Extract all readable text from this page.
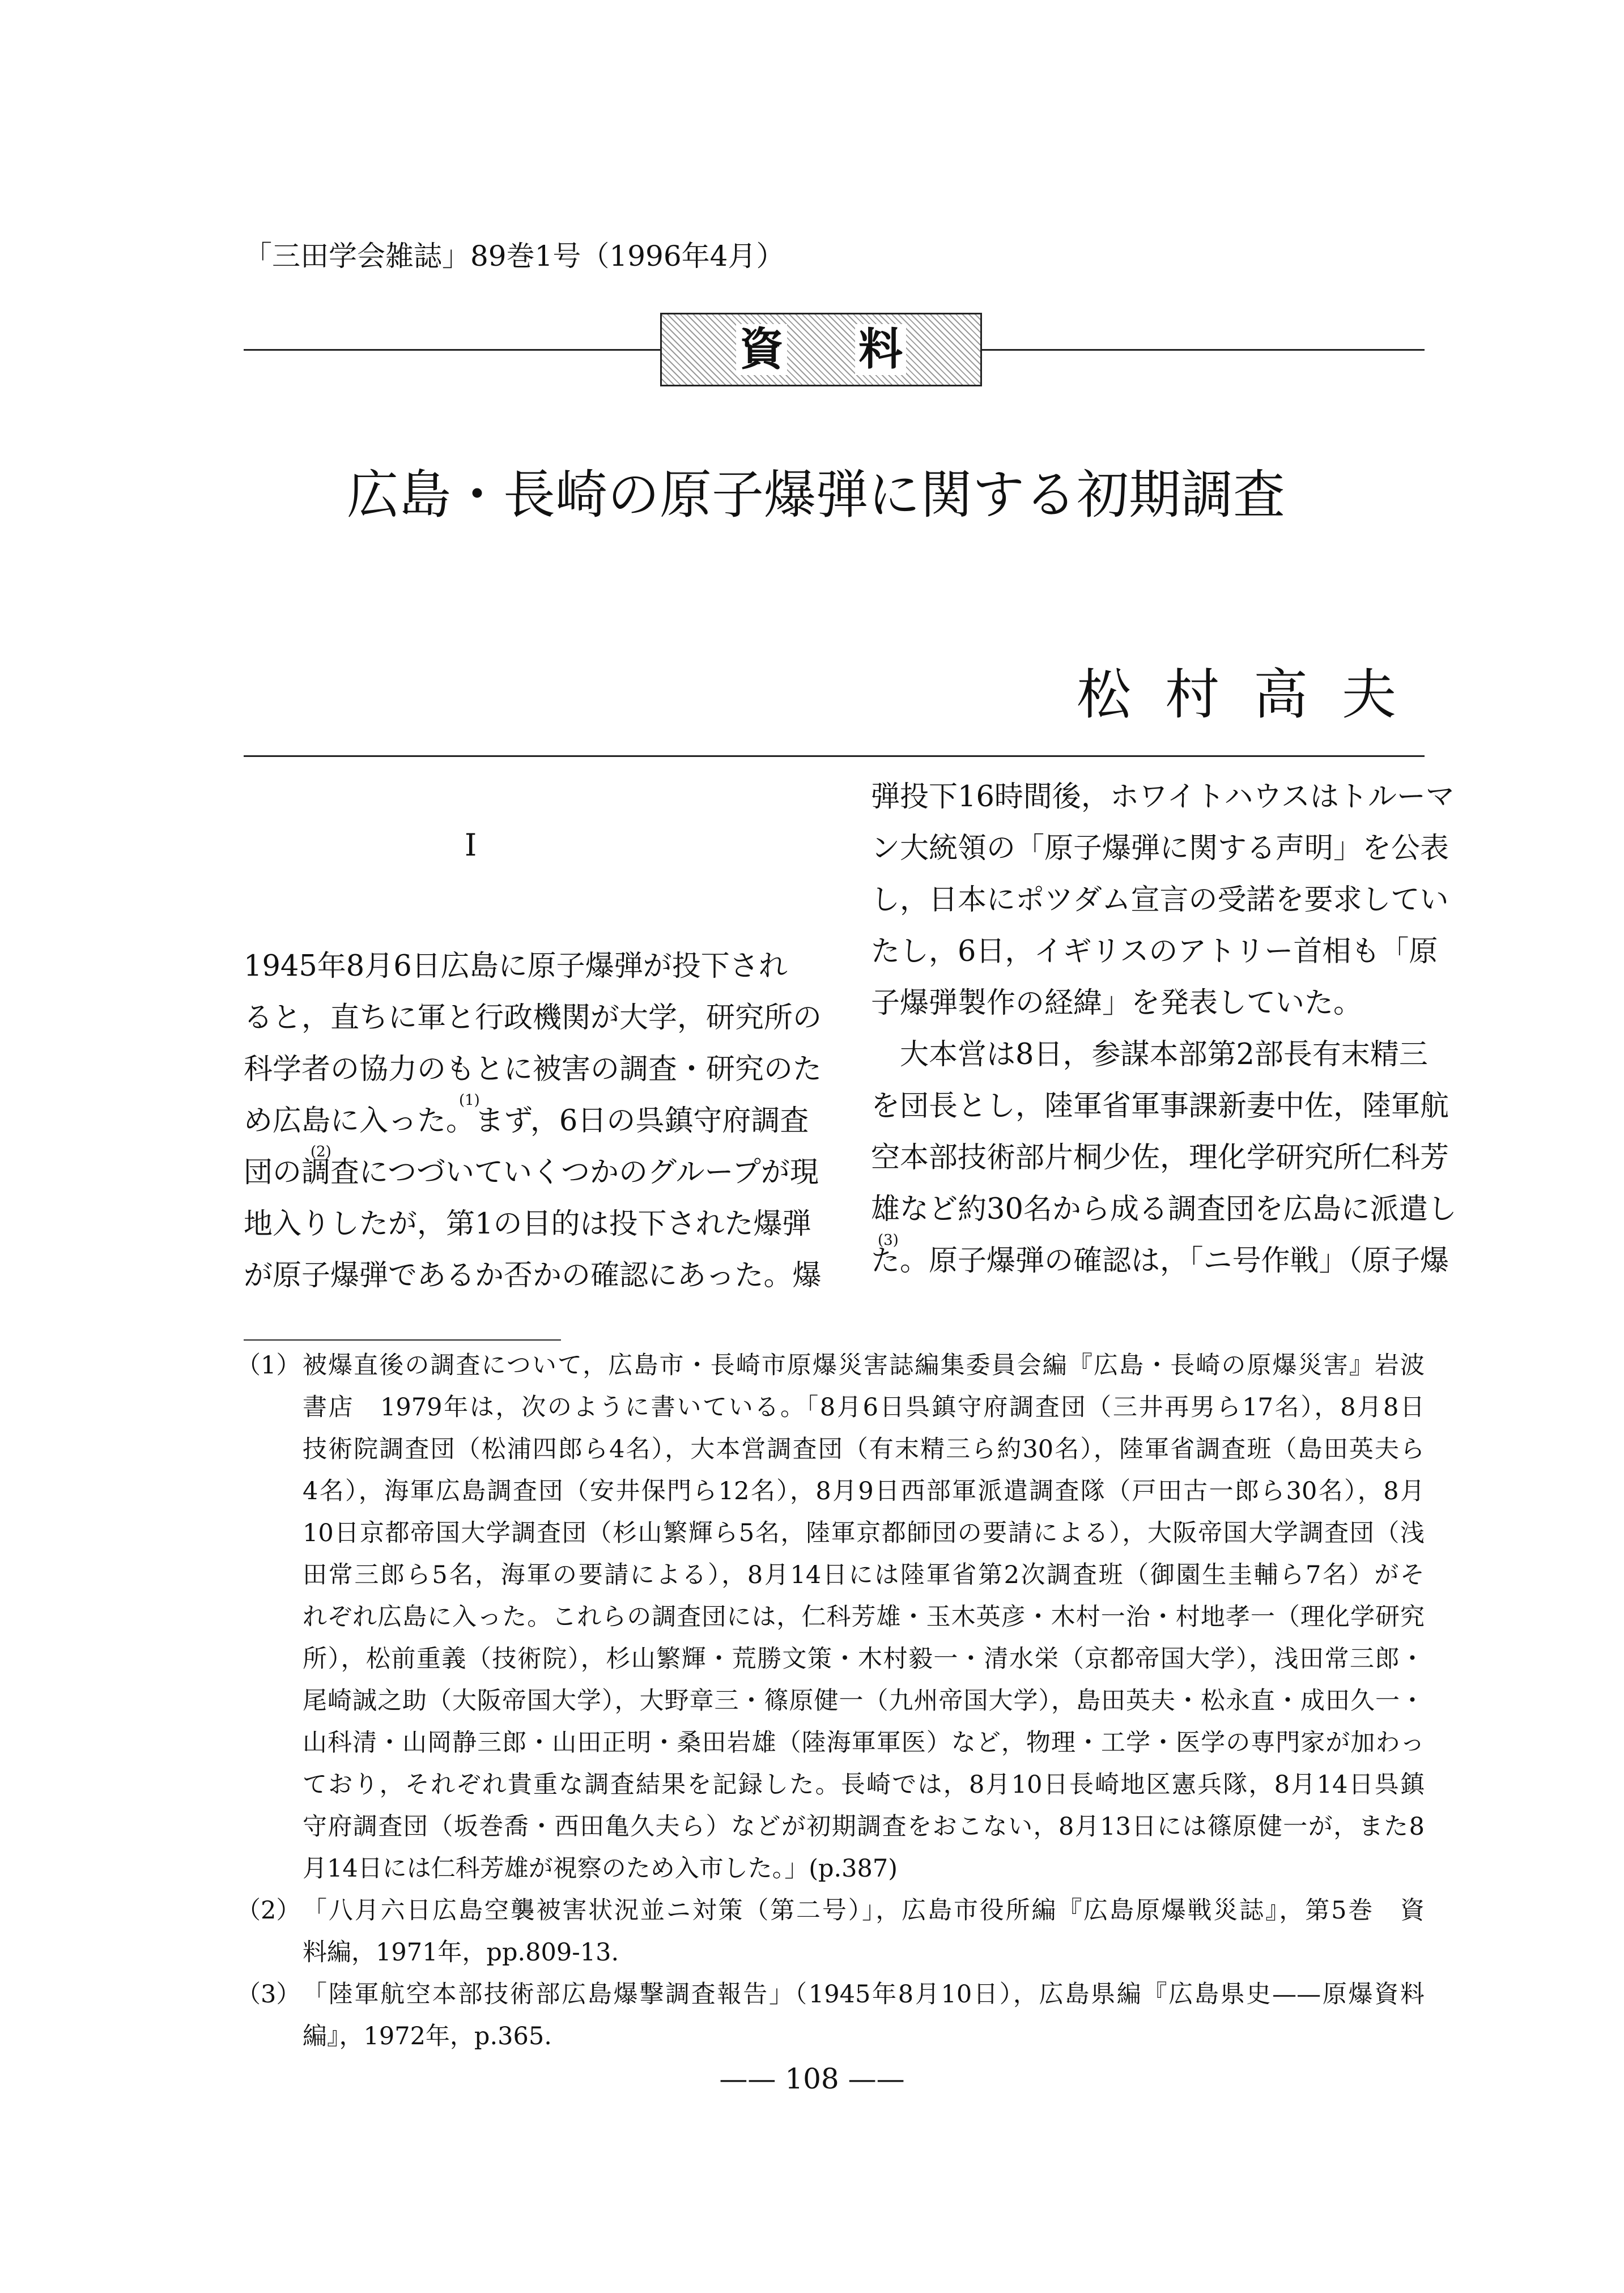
「三田学会雑誌」89巻1号（1996年4月）
資 料
広島・長崎の原子爆弾に関する初期調査
松村高夫
I
1945年8月6日広島に原子爆弾が投下され
ると，直ちに軍と行政機関が大学，研究所の
科学者の協力のもとに被害の調査・研究のた
め広島に入った。まず，6日の呉鎮守府調査
(1)
団の調査につづいていくつかのグループが現
(2)
地入りしたが，第1の目的は投下された爆弾
が原子爆弾であるか否かの確認にあった。爆
弾投下16時間後，ホワイトハウスはトルーマ
ン大統領の「原子爆弾に関する声明」を公表
し，日本にポツダム宣言の受諾を要求してい
たし，6日，イギリスのアトリー首相も「原
子爆弾製作の経緯」を発表していた。
　大本営は8日，参謀本部第2部長有末精三
を団長とし，陸軍省軍事課新妻中佐，陸軍航
空本部技術部片桐少佐，理化学研究所仁科芳
雄など約30名から成る調査団を広島に派遣し
た。原子爆弾の確認は，「ニ号作戦」（原子爆
(3)
（1） 被爆直後の調査について，広島市・長崎市原爆災害誌編集委員会編『広島・長崎の原爆災害』岩波
書店　1979年は，次のように書いている。「8月6日呉鎮守府調査団（三井再男ら17名），8月8日
技術院調査団（松浦四郎ら4名），大本営調査団（有末精三ら約30名），陸軍省調査班（島田英夫ら
4名），海軍広島調査団（安井保門ら12名），8月9日西部軍派遣調査隊（戸田古一郎ら30名），8月
10日京都帝国大学調査団（杉山繁輝ら5名，陸軍京都師団の要請による），大阪帝国大学調査団（浅
田常三郎ら5名，海軍の要請による），8月14日には陸軍省第2次調査班（御園生圭輔ら7名）がそ
れぞれ広島に入った。これらの調査団には，仁科芳雄・玉木英彦・木村一治・村地孝一（理化学研究
所），松前重義（技術院），杉山繁輝・荒勝文策・木村毅一・清水栄（京都帝国大学），浅田常三郎・
尾崎誠之助（大阪帝国大学），大野章三・篠原健一（九州帝国大学），島田英夫・松永直・成田久一・
山科清・山岡静三郎・山田正明・桑田岩雄（陸海軍軍医）など，物理・工学・医学の専門家が加わっ
ており，それぞれ貴重な調査結果を記録した。長崎では，8月10日長崎地区憲兵隊，8月14日呉鎮
守府調査団（坂巻喬・西田亀久夫ら）などが初期調査をおこない，8月13日には篠原健一が，また8
月14日には仁科芳雄が視察のため入市した。」(p.387)
（2） 「八月六日広島空襲被害状況並ニ対策（第二号）」，広島市役所編『広島原爆戦災誌』，第5巻　資
料編，1971年，pp.809-13.
（3） 「陸軍航空本部技術部広島爆撃調査報告」（1945年8月10日），広島県編『広島県史——原爆資料
編』，1972年，p.365.
—— 108 ——
